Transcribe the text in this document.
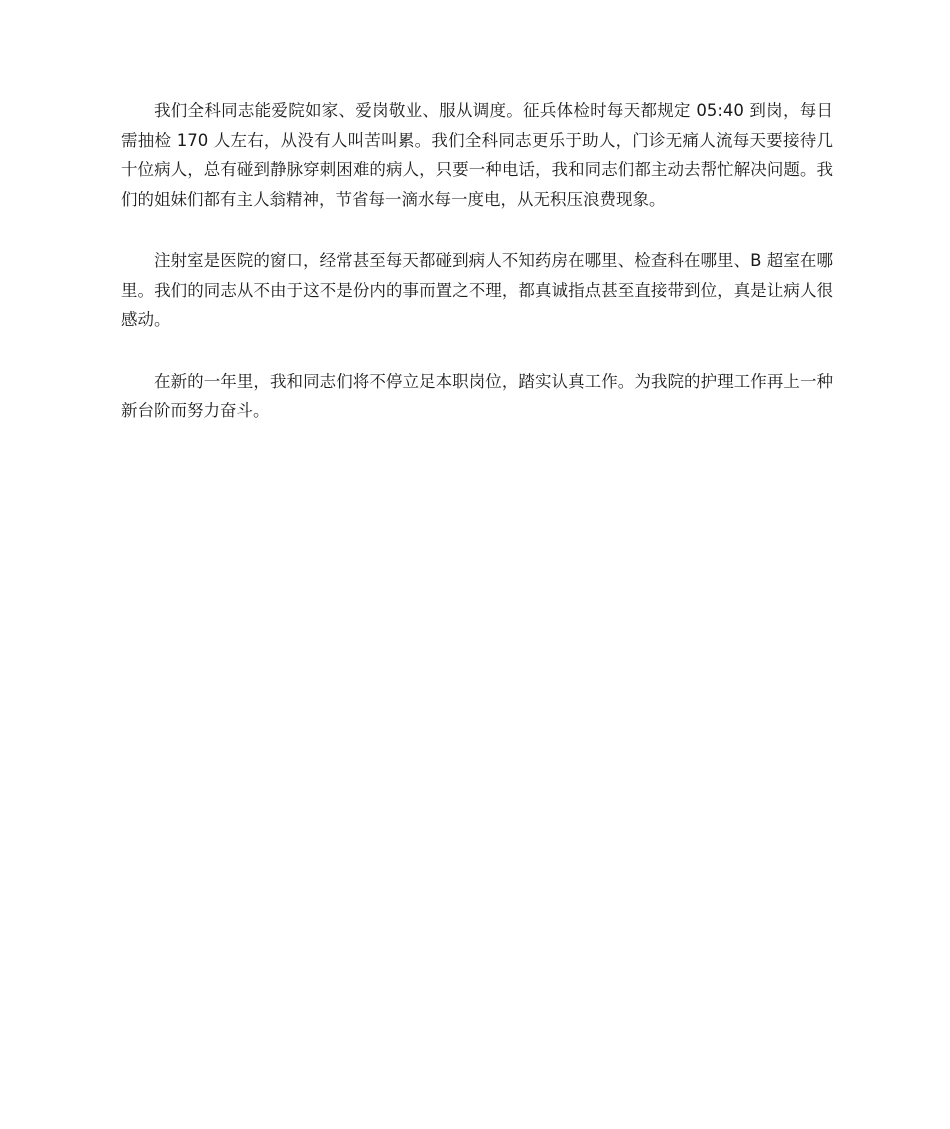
我们全科同志能爱院如家、爱岗敬业、服从调度。征兵体检时每天都规定 05:40 到岗，每日需抽检 170 人左右，从没有人叫苦叫累。我们全科同志更乐于助人，门诊无痛人流每天要接待几十位病人，总有碰到静脉穿刺困难的病人，只要一种电话，我和同志们都主动去帮忙解决问题。我们的姐妹们都有主人翁精神，节省每一滴水每一度电，从无积压浪费现象。

注射室是医院的窗口，经常甚至每天都碰到病人不知药房在哪里、检查科在哪里、B 超室在哪里。我们的同志从不由于这不是份内的事而置之不理，都真诚指点甚至直接带到位，真是让病人很感动。

在新的一年里，我和同志们将不停立足本职岗位，踏实认真工作。为我院的护理工作再上一种新台阶而努力奋斗。
